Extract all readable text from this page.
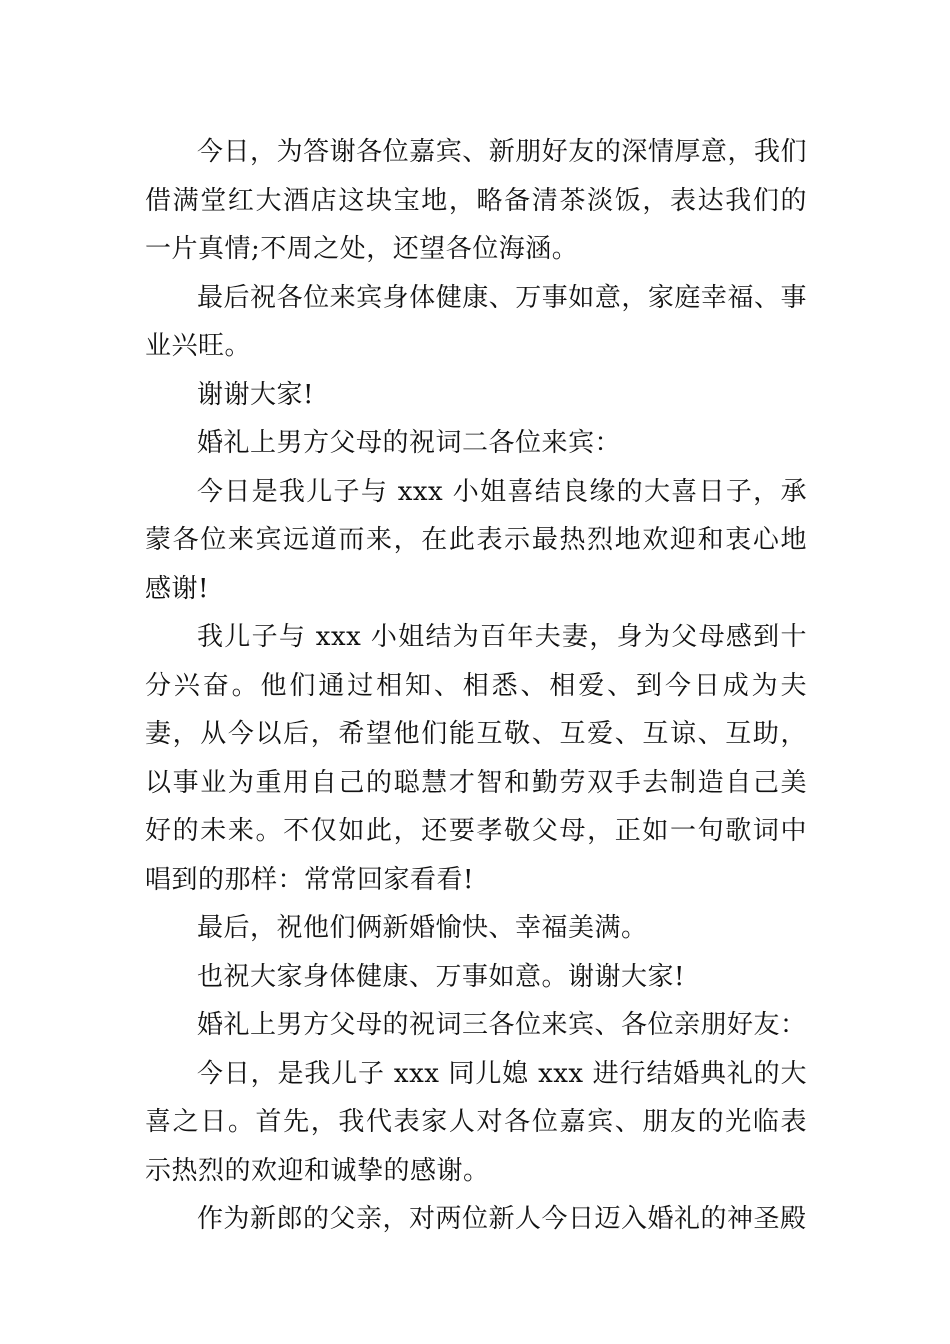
今日，为答谢各位嘉宾、新朋好友的深情厚意，我们借满堂红大酒店这块宝地，略备清茶淡饭，表达我们的一片真情;不周之处，还望各位海涵。

最后祝各位来宾身体健康、万事如意，家庭幸福、事业兴旺。

谢谢大家!

婚礼上男方父母的祝词二各位来宾：

今日是我儿子与 xxx 小姐喜结良缘的大喜日子，承蒙各位来宾远道而来，在此表示最热烈地欢迎和衷心地感谢!

我儿子与 xxx 小姐结为百年夫妻，身为父母感到十分兴奋。他们通过相知、相悉、相爱、到今日成为夫妻，从今以后，希望他们能互敬、互爱、互谅、互助，以事业为重用自己的聪慧才智和勤劳双手去制造自己美好的未来。不仅如此，还要孝敬父母，正如一句歌词中唱到的那样：常常回家看看!

最后，祝他们俩新婚愉快、幸福美满。

也祝大家身体健康、万事如意。谢谢大家!

婚礼上男方父母的祝词三各位来宾、各位亲朋好友：

今日，是我儿子 xxx 同儿媳 xxx 进行结婚典礼的大喜之日。首先，我代表家人对各位嘉宾、朋友的光临表示热烈的欢迎和诚挚的感谢。

作为新郎的父亲，对两位新人今日迈入婚礼的神圣殿
